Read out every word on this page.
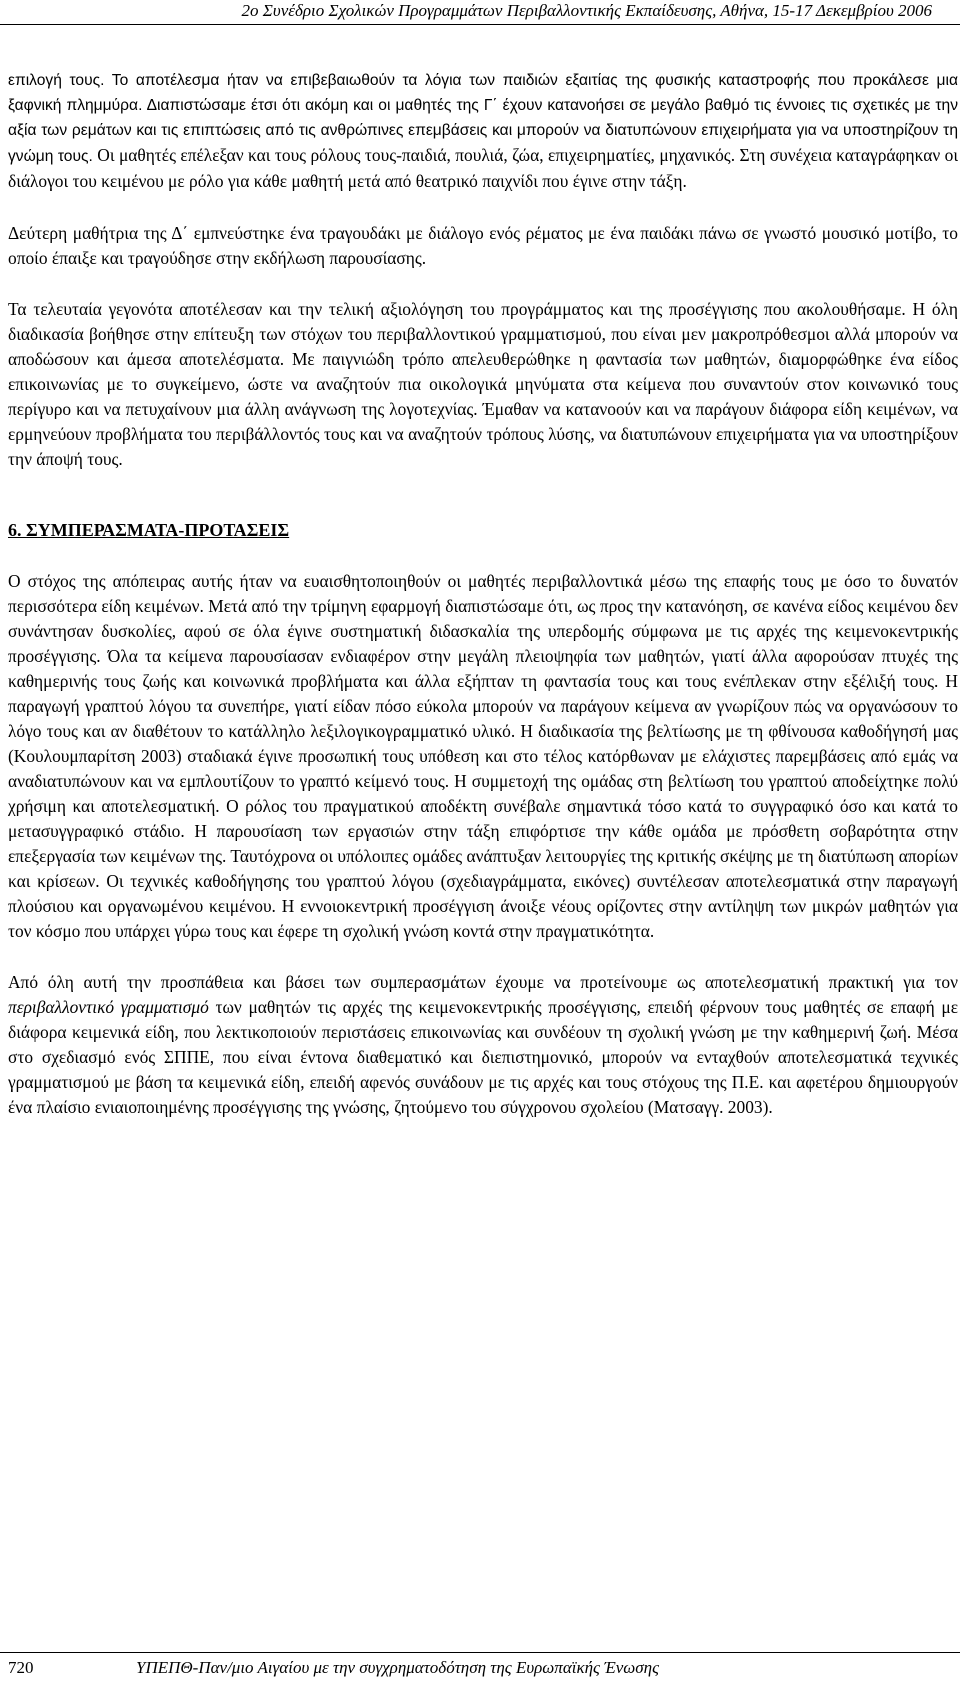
2ο Συνέδριο Σχολικών Προγραμμάτων Περιβαλλοντικής Εκπαίδευσης, Αθήνα, 15-17 Δεκεμβρίου 2006

επιλογή τους. Το αποτέλεσμα ήταν να επιβεβαιωθούν τα λόγια των παιδιών εξαιτίας της φυσικής καταστροφής που προκάλεσε μια ξαφνική πλημμύρα. Διαπιστώσαμε έτσι ότι ακόμη και οι μαθητές της Γ΄ έχουν κατανοήσει σε μεγάλο βαθμό τις έννοιες τις σχετικές με την αξία των ρεμάτων και τις επιπτώσεις από τις ανθρώπινες επεμβάσεις και μπορούν να διατυπώνουν επιχειρήματα για να υποστηρίζουν τη γνώμη τους. Οι μαθητές επέλεξαν και τους ρόλους τους-παιδιά, πουλιά, ζώα, επιχειρηματίες, μηχανικός. Στη συνέχεια καταγράφηκαν οι διάλογοι του κειμένου με ρόλο για κάθε μαθητή μετά από θεατρικό παιχνίδι που έγινε στην τάξη.

Δεύτερη μαθήτρια της Δ΄ εμπνεύστηκε ένα τραγουδάκι με διάλογο ενός ρέματος με ένα παιδάκι πάνω σε γνωστό μουσικό μοτίβο, το οποίο έπαιξε και τραγούδησε στην εκδήλωση παρουσίασης.

Τα τελευταία γεγονότα αποτέλεσαν και την τελική αξιολόγηση του προγράμματος και της προσέγγισης που ακολουθήσαμε. Η όλη διαδικασία βοήθησε στην επίτευξη των στόχων του περιβαλλοντικού γραμματισμού, που είναι μεν μακροπρόθεσμοι αλλά μπορούν να αποδώσουν και άμεσα αποτελέσματα. Με παιγνιώδη τρόπο απελευθερώθηκε η φαντασία των μαθητών, διαμορφώθηκε ένα είδος επικοινωνίας με το συγκείμενο, ώστε να αναζητούν πια οικολογικά μηνύματα στα κείμενα που συναντούν στον κοινωνικό τους περίγυρο και να πετυχαίνουν μια άλλη ανάγνωση της λογοτεχνίας. Έμαθαν να κατανοούν και να παράγουν διάφορα είδη κειμένων, να ερμηνεύουν προβλήματα του περιβάλλοντός τους και να αναζητούν τρόπους λύσης, να διατυπώνουν επιχειρήματα για να υποστηρίξουν την άποψή τους.

6. ΣΥΜΠΕΡΑΣΜΑΤΑ-ΠΡΟΤΑΣΕΙΣ

Ο στόχος της απόπειρας αυτής ήταν να ευαισθητοποιηθούν οι μαθητές περιβαλλοντικά μέσω της επαφής τους με όσο το δυνατόν περισσότερα είδη κειμένων. Μετά από την τρίμηνη εφαρμογή διαπιστώσαμε ότι, ως προς την κατανόηση, σε κανένα είδος κειμένου δεν συνάντησαν δυσκολίες, αφού σε όλα έγινε συστηματική διδασκαλία της υπερδομής σύμφωνα με τις αρχές της κειμενοκεντρικής προσέγγισης. Όλα τα κείμενα παρουσίασαν ενδιαφέρον στην μεγάλη πλειοψηφία των μαθητών, γιατί άλλα αφορούσαν πτυχές της καθημερινής τους ζωής και κοινωνικά προβλήματα και άλλα εξήπταν τη φαντασία τους και τους ενέπλεκαν στην εξέλιξή τους. Η παραγωγή γραπτού λόγου τα συνεπήρε, γιατί είδαν πόσο εύκολα μπορούν να παράγουν κείμενα αν γνωρίζουν πώς να οργανώσουν το λόγο τους και αν διαθέτουν το κατάλληλο λεξιλογικογραμματικό υλικό. Η διαδικασία της βελτίωσης με τη φθίνουσα καθοδήγησή μας (Κουλουμπαρίτση 2003) σταδιακά έγινε προσωπική τους υπόθεση και στο τέλος κατόρθωναν με ελάχιστες παρεμβάσεις από εμάς να αναδιατυπώνουν και να εμπλουτίζουν το γραπτό κείμενό τους. Η συμμετοχή της ομάδας στη βελτίωση του γραπτού αποδείχτηκε πολύ χρήσιμη και αποτελεσματική. Ο ρόλος του πραγματικού αποδέκτη συνέβαλε σημαντικά τόσο κατά το συγγραφικό όσο και κατά το μετασυγγραφικό στάδιο. Η παρουσίαση των εργασιών στην τάξη επιφόρτισε την κάθε ομάδα με πρόσθετη σοβαρότητα στην επεξεργασία των κειμένων της. Ταυτόχρονα οι υπόλοιπες ομάδες ανάπτυξαν λειτουργίες της κριτικής σκέψης με τη διατύπωση απορίων και κρίσεων. Οι τεχνικές καθοδήγησης του γραπτού λόγου (σχεδιαγράμματα, εικόνες) συντέλεσαν αποτελεσματικά στην παραγωγή πλούσιου και οργανωμένου κειμένου. Η εννοιοκεντρική προσέγγιση άνοιξε νέους ορίζοντες στην αντίληψη των μικρών μαθητών για τον κόσμο που υπάρχει γύρω τους και έφερε τη σχολική γνώση κοντά στην πραγματικότητα.

Από όλη αυτή την προσπάθεια και βάσει των συμπερασμάτων έχουμε να προτείνουμε ως αποτελεσματική πρακτική για τον περιβαλλοντικό γραμματισμό των μαθητών τις αρχές της κειμενοκεντρικής προσέγγισης, επειδή φέρνουν τους μαθητές σε επαφή με διάφορα κειμενικά είδη, που λεκτικοποιούν περιστάσεις επικοινωνίας και συνδέουν τη σχολική γνώση με την καθημερινή ζωή. Μέσα στο σχεδιασμό ενός ΣΠΠΕ, που είναι έντονα διαθεματικό και διεπιστημονικό, μπορούν να ενταχθούν αποτελεσματικά τεχνικές γραμματισμού με βάση τα κειμενικά είδη, επειδή αφενός συνάδουν με τις αρχές και τους στόχους της Π.Ε. και αφετέρου δημιουργούν ένα πλαίσιο ενιαιοποιημένης προσέγγισης της γνώσης, ζητούμενο του σύγχρονου σχολείου (Ματσαγγ. 2003).

720	ΥΠΕΠΘ-Παν/μιο Αιγαίου με την συγχρηματοδότηση της Ευρωπαϊκής Ένωσης
